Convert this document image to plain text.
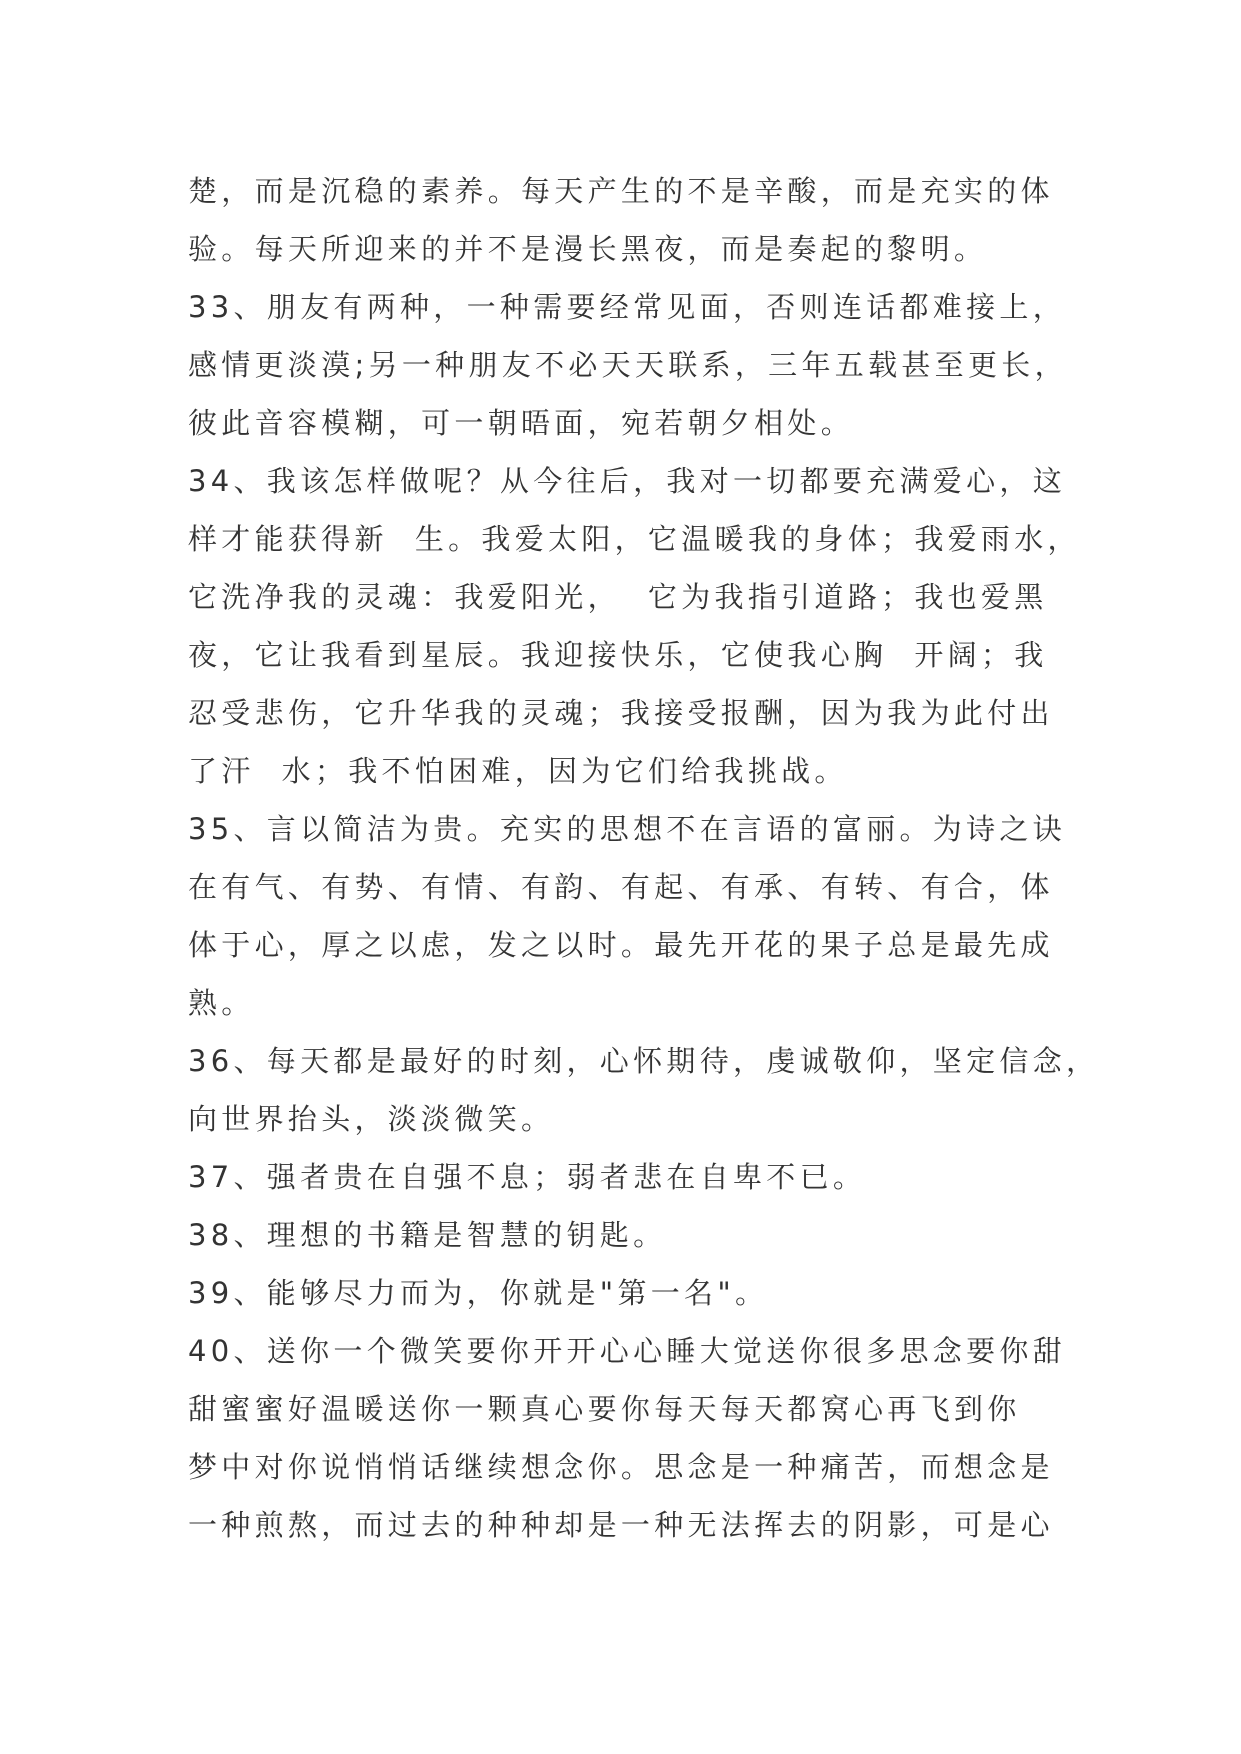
楚，而是沉稳的素养。每天产生的不是辛酸，而是充实的体
验。每天所迎来的并不是漫长黑夜，而是奏起的黎明。
33、朋友有两种，一种需要经常见面，否则连话都难接上，
感情更淡漠;另一种朋友不必天天联系，三年五载甚至更长，
彼此音容模糊，可一朝晤面，宛若朝夕相处。
34、我该怎样做呢？从今往后，我对一切都要充满爱心，这
样才能获得新  生。我爱太阳，它温暖我的身体；我爱雨水，
它洗净我的灵魂：我爱阳光，  它为我指引道路；我也爱黑
夜，它让我看到星辰。我迎接快乐，它使我心胸  开阔；我
忍受悲伤，它升华我的灵魂；我接受报酬，因为我为此付出
了汗  水；我不怕困难，因为它们给我挑战。
35、言以简洁为贵。充实的思想不在言语的富丽。为诗之诀
在有气、有势、有情、有韵、有起、有承、有转、有合，体
体于心，厚之以虑，发之以时。最先开花的果子总是最先成
熟。
36、每天都是最好的时刻，心怀期待，虔诚敬仰，坚定信念，
向世界抬头，淡淡微笑。
37、强者贵在自强不息；弱者悲在自卑不已。
38、理想的书籍是智慧的钥匙。
39、能够尽力而为，你就是"第一名"。
40、送你一个微笑要你开开心心睡大觉送你很多思念要你甜
甜蜜蜜好温暖送你一颗真心要你每天每天都窝心再飞到你
梦中对你说悄悄话继续想念你。思念是一种痛苦，而想念是
一种煎熬，而过去的种种却是一种无法挥去的阴影，可是心
